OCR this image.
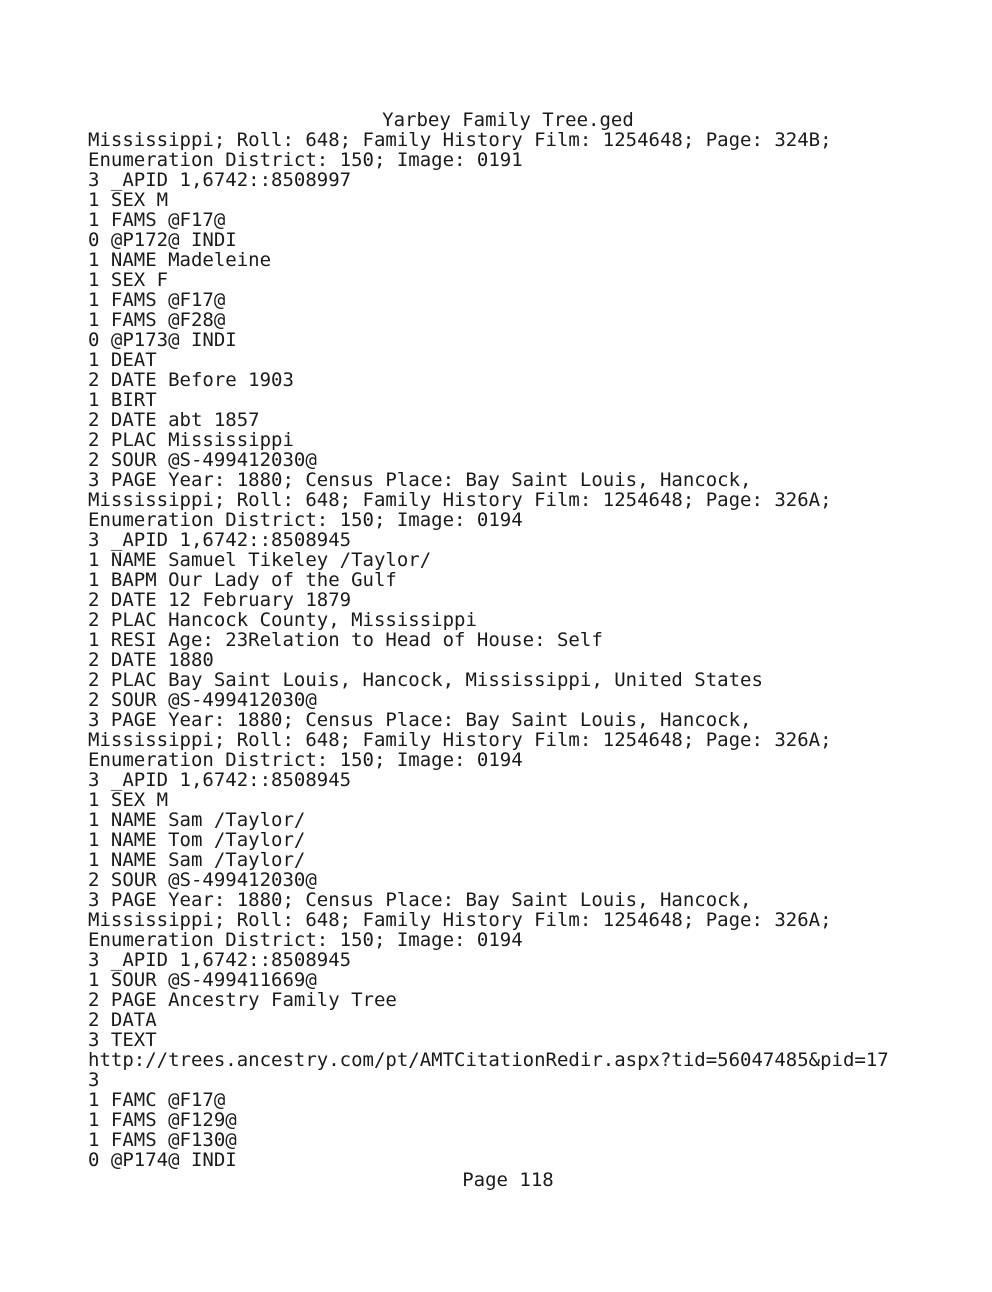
Yarbey Family Tree.ged
Mississippi; Roll: 648; Family History Film: 1254648; Page: 324B;
Enumeration District: 150; Image: 0191
3 _APID 1,6742::8508997
1 SEX M
1 FAMS @F17@
0 @P172@ INDI
1 NAME Madeleine
1 SEX F
1 FAMS @F17@
1 FAMS @F28@
0 @P173@ INDI
1 DEAT
2 DATE Before 1903
1 BIRT
2 DATE abt 1857
2 PLAC Mississippi
2 SOUR @S-499412030@
3 PAGE Year: 1880; Census Place: Bay Saint Louis, Hancock,
Mississippi; Roll: 648; Family History Film: 1254648; Page: 326A;
Enumeration District: 150; Image: 0194
3 _APID 1,6742::8508945
1 NAME Samuel Tikeley /Taylor/
1 BAPM Our Lady of the Gulf
2 DATE 12 February 1879
2 PLAC Hancock County, Mississippi
1 RESI Age: 23Relation to Head of House: Self
2 DATE 1880
2 PLAC Bay Saint Louis, Hancock, Mississippi, United States
2 SOUR @S-499412030@
3 PAGE Year: 1880; Census Place: Bay Saint Louis, Hancock,
Mississippi; Roll: 648; Family History Film: 1254648; Page: 326A;
Enumeration District: 150; Image: 0194
3 _APID 1,6742::8508945
1 SEX M
1 NAME Sam /Taylor/
1 NAME Tom /Taylor/
1 NAME Sam /Taylor/
2 SOUR @S-499412030@
3 PAGE Year: 1880; Census Place: Bay Saint Louis, Hancock,
Mississippi; Roll: 648; Family History Film: 1254648; Page: 326A;
Enumeration District: 150; Image: 0194
3 _APID 1,6742::8508945
1 SOUR @S-499411669@
2 PAGE Ancestry Family Tree
2 DATA
3 TEXT
http://trees.ancestry.com/pt/AMTCitationRedir.aspx?tid=56047485&pid=17
3
1 FAMC @F17@
1 FAMS @F129@
1 FAMS @F130@
0 @P174@ INDI
Page 118
